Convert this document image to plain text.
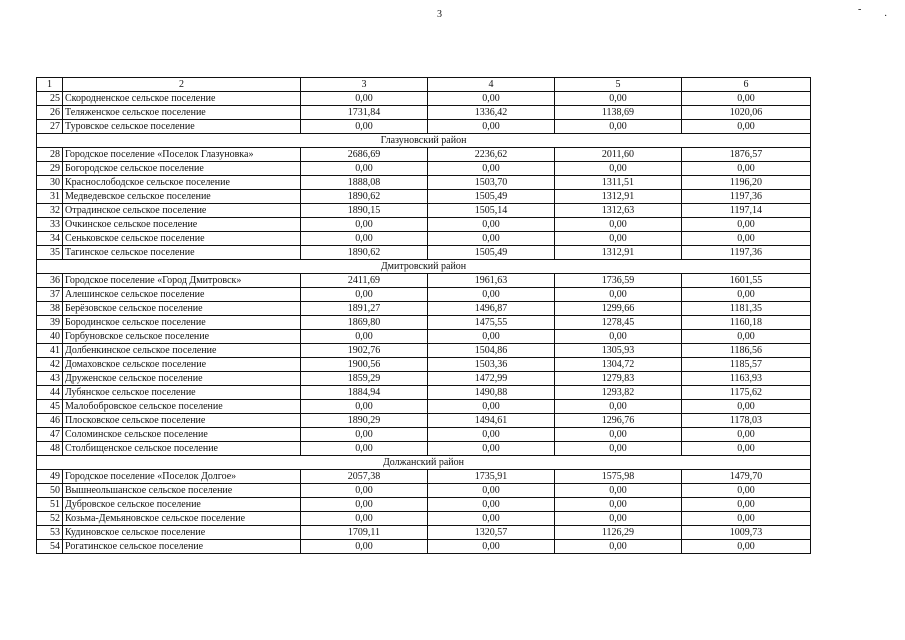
3	-
·
1	2	3	4	5	6
25	Скородненское сельское поселение	0,00	0,00	0,00	0,00
26	Теляженское сельское поселение	1731,84	1336,42	1138,69	1020,06
27	Туровское сельское поселение	0,00	0,00	0,00	0,00
Глазуновский район					
28	Городское поселение «Поселок Глазуновка»	2686,69	2236,62	2011,60	1876,57
29	Богородское сельское поселение	0,00	0,00	0,00	0,00
30	Краснослободское сельское поселение	1888,08	1503,70	1311,51	1196,20
31	Медведевское сельское поселение	1890,62	1505,49	1312,91	1197,36
32	Отрадинское сельское поселение	1890,15	1505,14	1312,63	1197,14
33	Очкинское сельское поселение	0,00	0,00	0,00	0,00
34	Сеньковское сельское поселение	0,00	0,00	0,00	0,00
35	Тагинское сельское поселение	1890,62	1505,49	1312,91	1197,36
Дмитровский район					
36	Городское поселение «Город Дмитровск»	2411,69	1961,63	1736,59	1601,55
37	Алешинское сельское поселение	0,00	0,00	0,00	0,00
38	Берёзовское сельское поселение	1891,27	1496,87	1299,66	1181,35
39	Бородинское сельское поселение	1869,80	1475,55	1278,45	1160,18
40	Горбуновское сельское поселение	0,00	0,00	0,00	0,00
41	Долбенкинское сельское поселение	1902,76	1504,86	1305,93	1186,56
42	Домаховское сельское поселение	1900,56	1503,36	1304,72	1185,57
43	Друженское сельское поселение	1859,29	1472,99	1279,83	1163,93
44	Лубянское сельское поселение	1884,94	1490,88	1293,82	1175,62
45	Малобобровское сельское поселение	0,00	0,00	0,00	0,00
46	Плосковское сельское поселение	1890,29	1494,61	1296,76	1178,03
47	Соломинское сельское поселение	0,00	0,00	0,00	0,00
48	Столбищенское сельское поселение	0,00	0,00	0,00	0,00
Должанский район					
49	Городское поселение «Поселок Долгое»	2057,38	1735,91	1575,98	1479,70
50	Вышнеольшанское сельское поселение	0,00	0,00	0,00	0,00
51	Дубровское сельское поселение	0,00	0,00	0,00	0,00
52	Козьма-Демьяновское сельское поселение	0,00	0,00	0,00	0,00
53	Кудиновское сельское поселение	1709,11	1320,57	1126,29	1009,73
54	Рогатинское сельское поселение	0,00	0,00	0,00	0,00
